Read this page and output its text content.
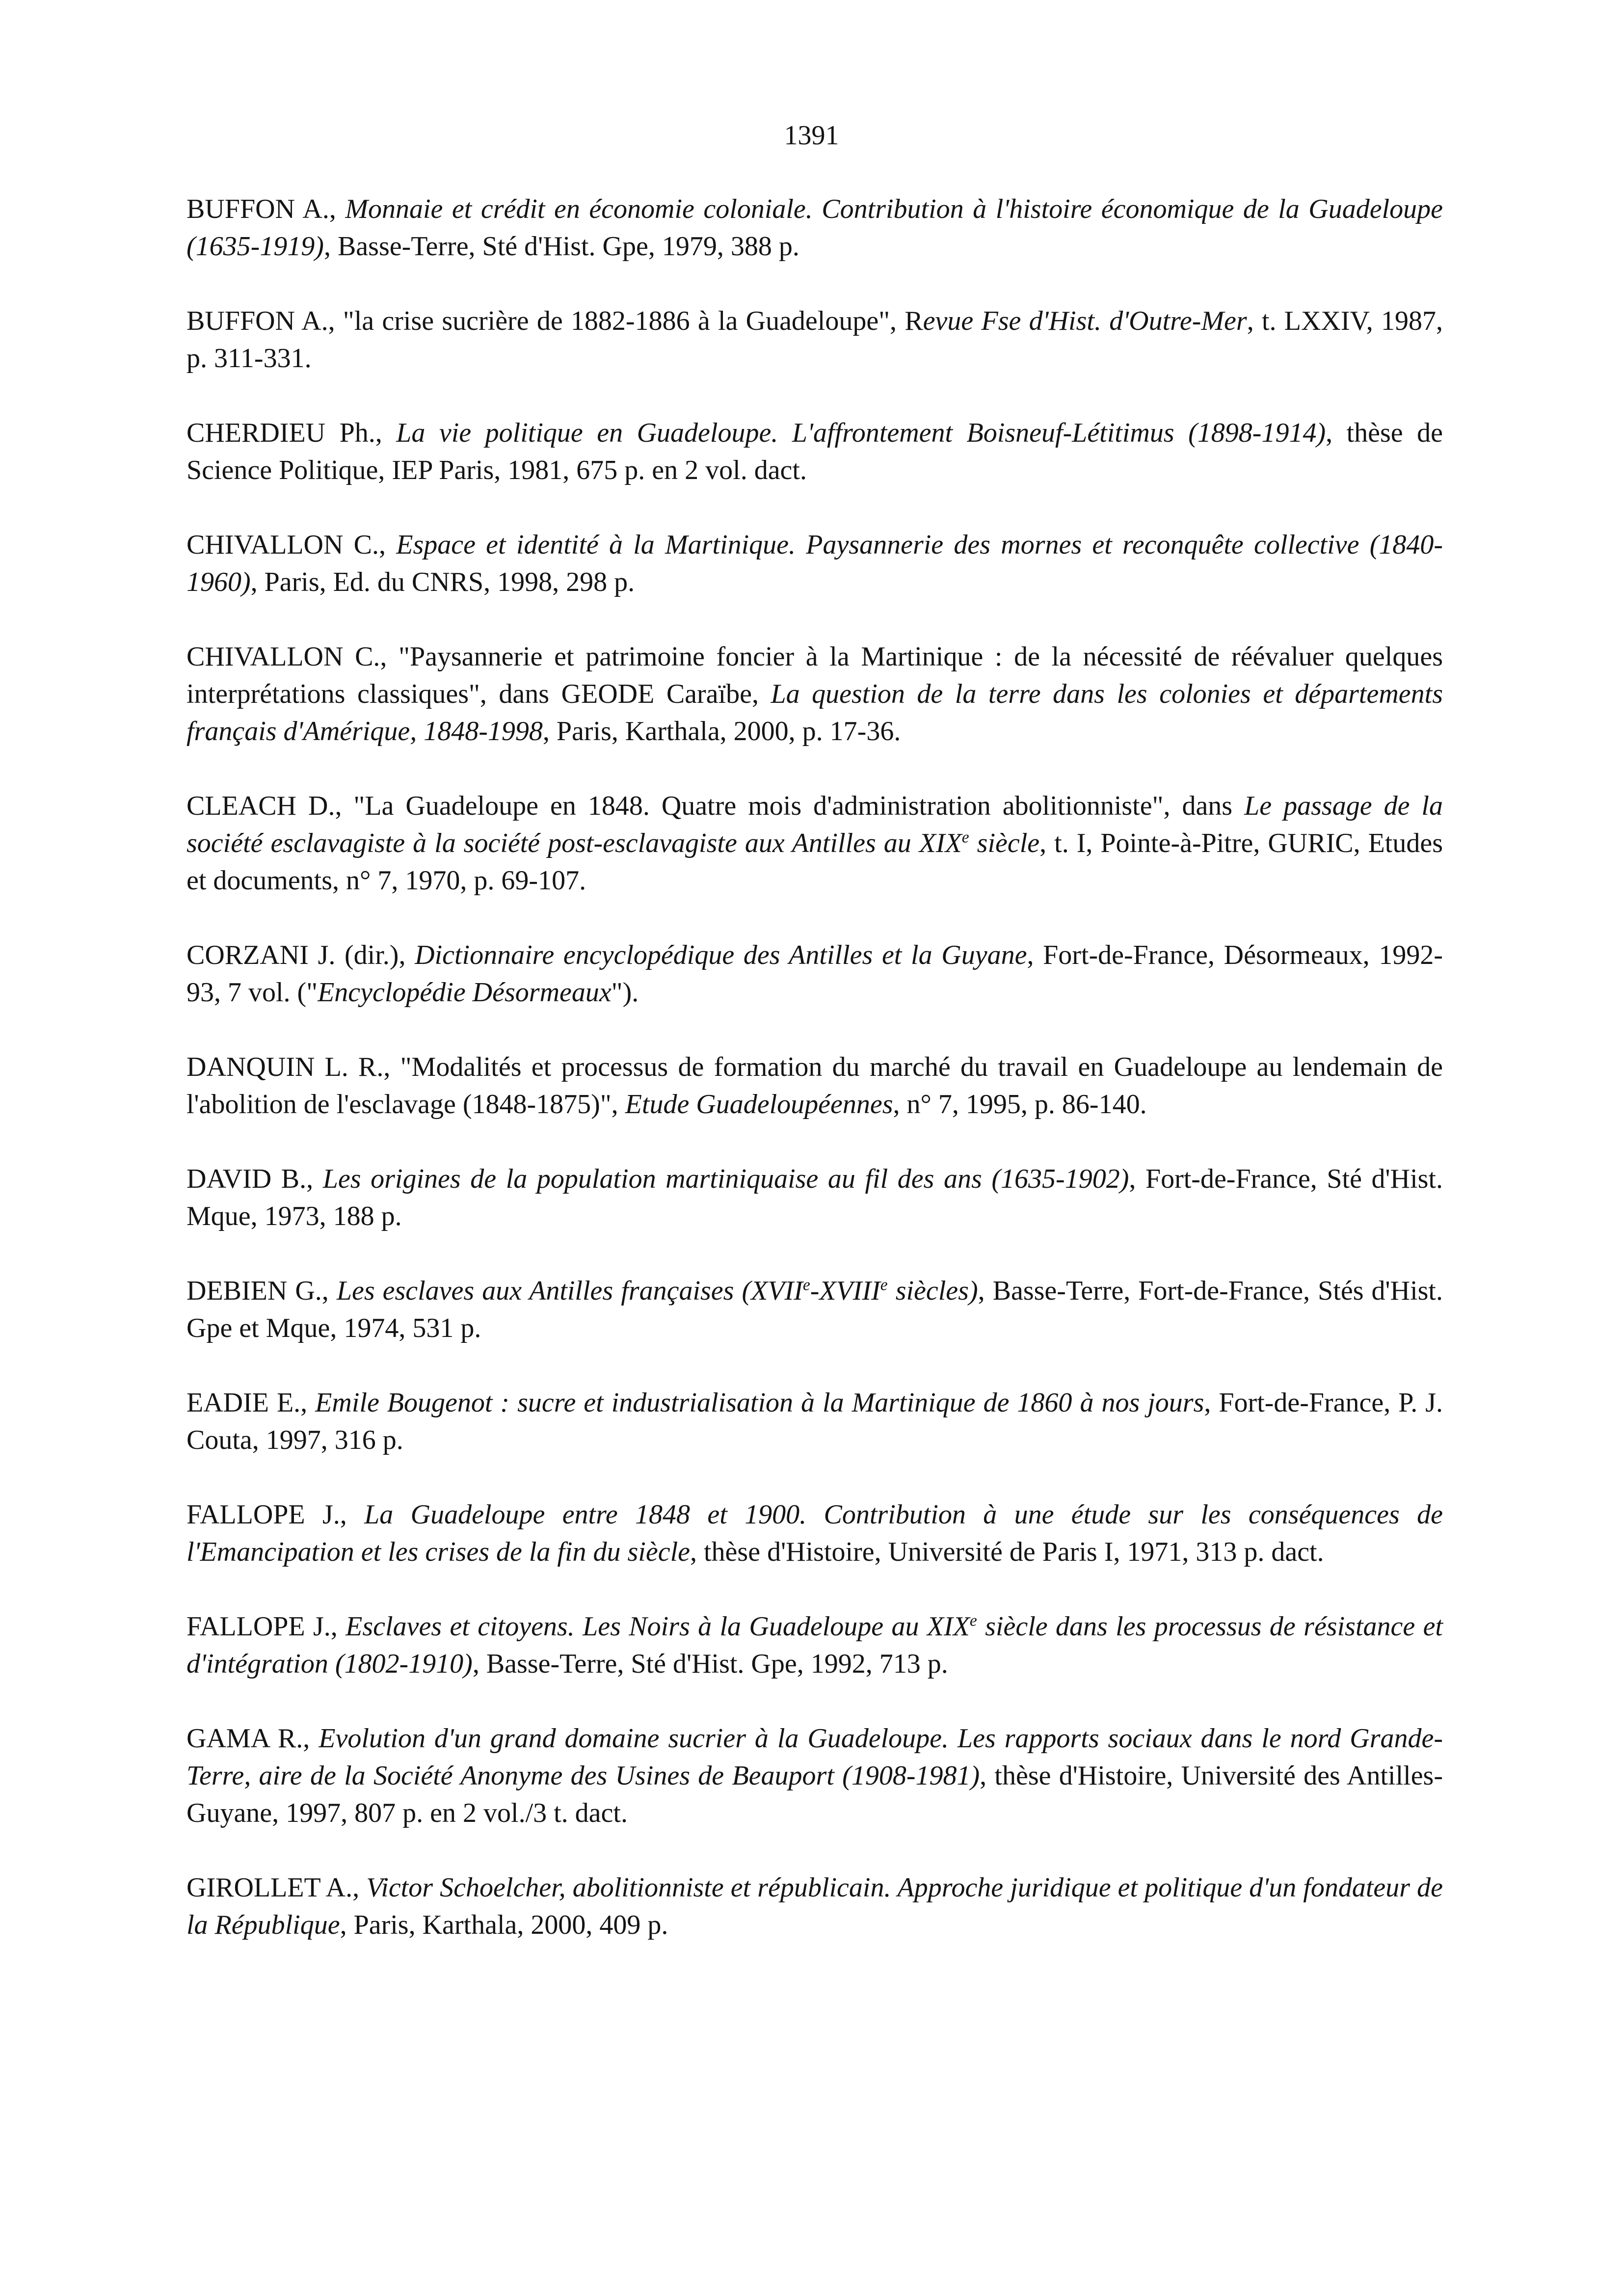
1391

BUFFON A., Monnaie et crédit en économie coloniale. Contribution à l'histoire économique de la Guadeloupe (1635-1919), Basse-Terre, Sté d'Hist. Gpe, 1979, 388 p.

BUFFON A., "la crise sucrière de 1882-1886 à la Guadeloupe", Revue Fse d'Hist. d'Outre-Mer, t. LXXIV, 1987, p. 311-331.

CHERDIEU Ph., La vie politique en Guadeloupe. L'affrontement Boisneuf-Létitimus (1898-1914), thèse de Science Politique, IEP Paris, 1981, 675 p. en 2 vol. dact.

CHIVALLON C., Espace et identité à la Martinique. Paysannerie des mornes et reconquête collective (1840-1960), Paris, Ed. du CNRS, 1998, 298 p.

CHIVALLON C., "Paysannerie et patrimoine foncier à la Martinique : de la nécessité de réévaluer quelques interprétations classiques", dans GEODE Caraïbe, La question de la terre dans les colonies et départements français d'Amérique, 1848-1998, Paris, Karthala, 2000, p. 17-36.

CLEACH D., "La Guadeloupe en 1848. Quatre mois d'administration abolitionniste", dans Le passage de la société esclavagiste à la société post-esclavagiste aux Antilles au XIXe siècle, t. I, Pointe-à-Pitre, GURIC, Etudes et documents, n° 7, 1970, p. 69-107.

CORZANI J. (dir.), Dictionnaire encyclopédique des Antilles et la Guyane, Fort-de-France, Désormeaux, 1992-93, 7 vol. ("Encyclopédie Désormeaux").

DANQUIN L. R., "Modalités et processus de formation du marché du travail en Guadeloupe au lendemain de l'abolition de l'esclavage (1848-1875)", Etude Guadeloupéennes, n° 7, 1995, p. 86-140.

DAVID B., Les origines de la population martiniquaise au fil des ans (1635-1902), Fort-de-France, Sté d'Hist. Mque, 1973, 188 p.

DEBIEN G., Les esclaves aux Antilles françaises (XVIIe-XVIIIe siècles), Basse-Terre, Fort-de-France, Stés d'Hist. Gpe et Mque, 1974, 531 p.

EADIE E., Emile Bougenot : sucre et industrialisation à la Martinique de 1860 à nos jours, Fort-de-France, P. J. Couta, 1997, 316 p.

FALLOPE J., La Guadeloupe entre 1848 et 1900. Contribution à une étude sur les conséquences de l'Emancipation et les crises de la fin du siècle, thèse d'Histoire, Université de Paris I, 1971, 313 p. dact.

FALLOPE J., Esclaves et citoyens. Les Noirs à la Guadeloupe au XIXe siècle dans les processus de résistance et d'intégration (1802-1910), Basse-Terre, Sté d'Hist. Gpe, 1992, 713 p.

GAMA R., Evolution d'un grand domaine sucrier à la Guadeloupe. Les rapports sociaux dans le nord Grande-Terre, aire de la Société Anonyme des Usines de Beauport (1908-1981), thèse d'Histoire, Université des Antilles-Guyane, 1997, 807 p. en 2 vol./3 t. dact.

GIROLLET A., Victor Schoelcher, abolitionniste et républicain. Approche juridique et politique d'un fondateur de la République, Paris, Karthala, 2000, 409 p.
